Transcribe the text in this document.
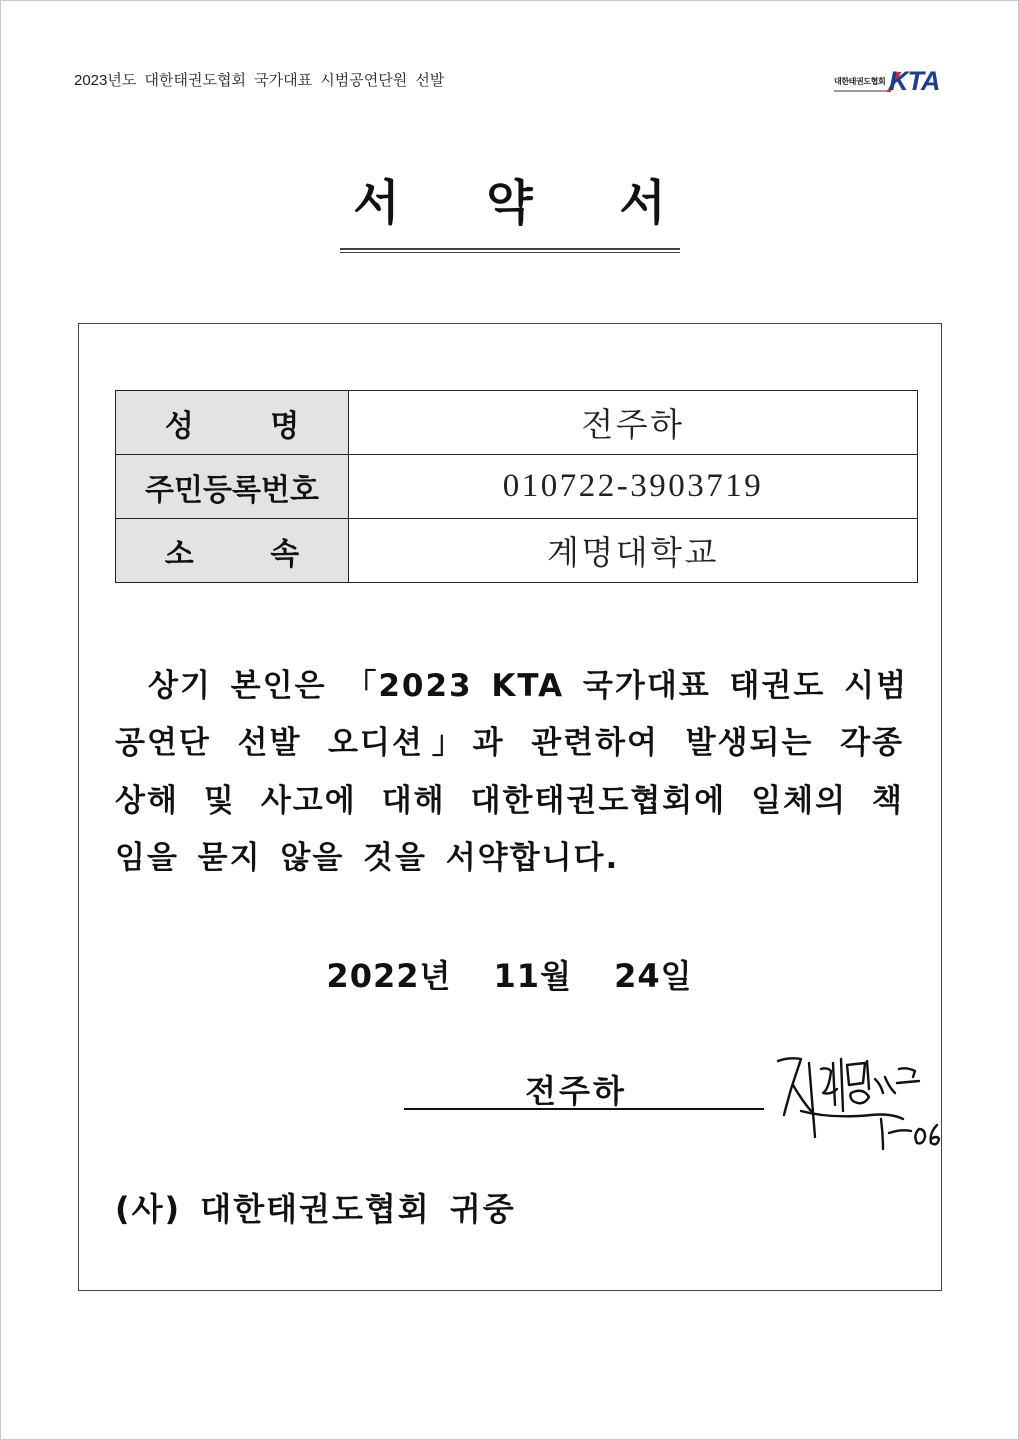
2023년도 대한태권도협회 국가대표 시범공연단원 선발	대한태권도협회 KTA
서 약 서
성 명	전주하
주민등록번호	010722-3903719
소 속	계명대학교
상기 본인은 「2023 KTA 국가대표 태권도 시범
공연단 선발 오디션」과 관련하여 발생되는 각종
상해 및 사고에 대해 대한태권도협회에 일체의 책
임을 묻지 않을 것을 서약합니다.
2022년 11월 24일
전주하
(사) 대한태권도협회 귀중
